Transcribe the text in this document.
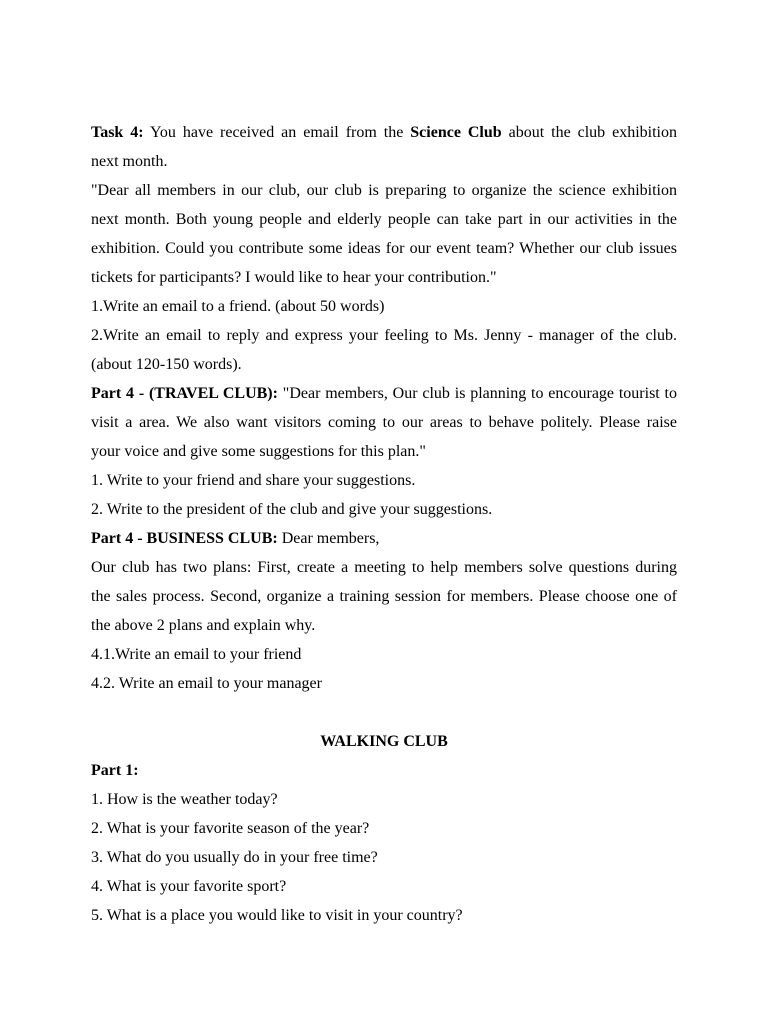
Task 4: You have received an email from the Science Club about the club exhibition
next month.
"Dear all members in our club, our club is preparing to organize the science exhibition
next month. Both young people and elderly people can take part in our activities in the
exhibition. Could you contribute some ideas for our event team? Whether our club issues
tickets for participants? I would like to hear your contribution."
1.Write an email to a friend. (about 50 words)
2.Write an email to reply and express your feeling to Ms. Jenny - manager of the club.
(about 120-150 words).
Part 4 - (TRAVEL CLUB): "Dear members, Our club is planning to encourage tourist to
visit a area. We also want visitors coming to our areas to behave politely. Please raise
your voice and give some suggestions for this plan."
1. Write to your friend and share your suggestions.
2. Write to the president of the club and give your suggestions.
Part 4 - BUSINESS CLUB: Dear members,
Our club has two plans: First, create a meeting to help members solve questions during
the sales process. Second, organize a training session for members. Please choose one of
the above 2 plans and explain why.
4.1.Write an email to your friend
4.2. Write an email to your manager
WALKING CLUB
Part 1:
1. How is the weather today?
2. What is your favorite season of the year?
3. What do you usually do in your free time?
4. What is your favorite sport?
5. What is a place you would like to visit in your country?
